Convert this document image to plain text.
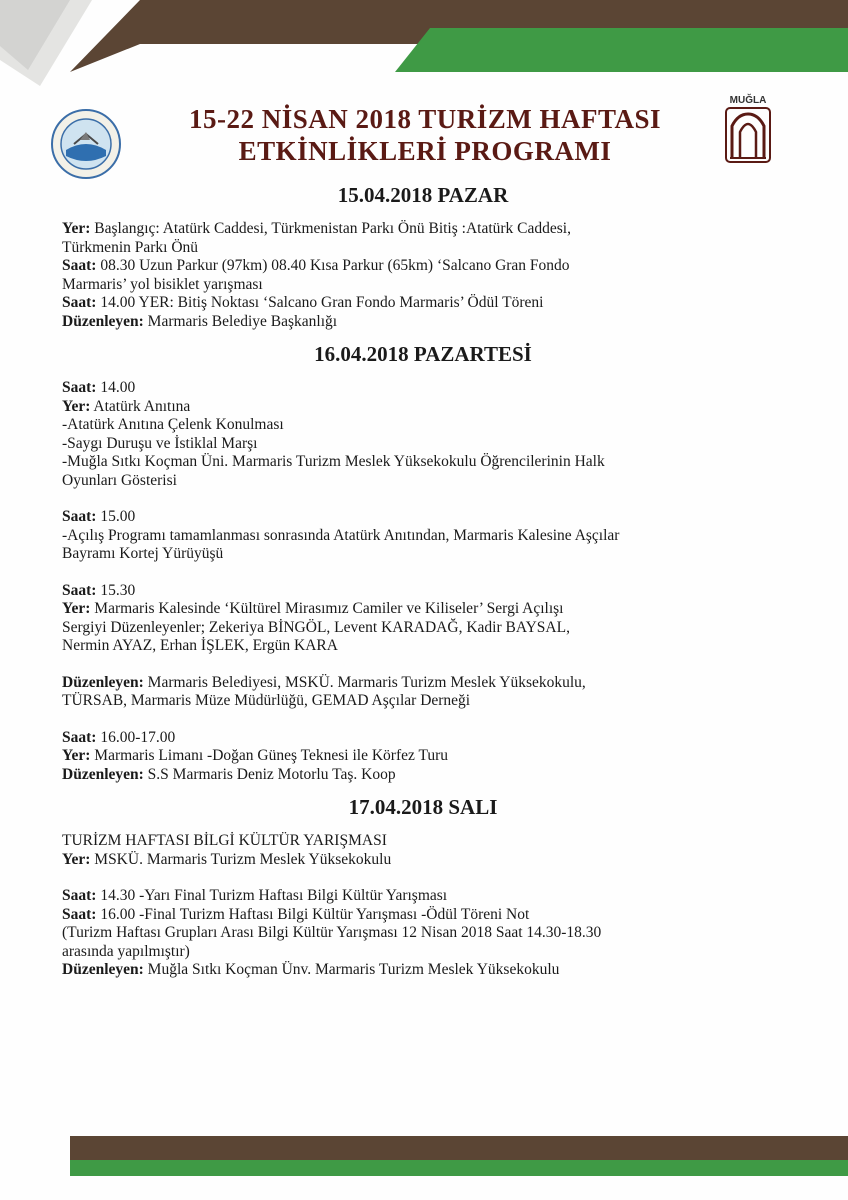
15-22 NİSAN 2018 TURİZM HAFTASI
ETKİNLİKLERİ PROGRAMI
MUĞLA
15.04.2018 PAZAR

Yer: Başlangıç: Atatürk Caddesi, Türkmenistan Parkı Önü Bitiş :Atatürk Caddesi,

Türkmenin Parkı Önü

Saat: 08.30 Uzun Parkur (97km) 08.40 Kısa Parkur (65km) ‘Salcano Gran Fondo

Marmaris’ yol bisiklet yarışması

Saat: 14.00 YER: Bitiş Noktası ‘Salcano Gran Fondo Marmaris’ Ödül Töreni

Düzenleyen: Marmaris Belediye Başkanlığı

16.04.2018 PAZARTESİ

Saat: 14.00

Yer: Atatürk Anıtına

-Atatürk Anıtına Çelenk Konulması

-Saygı Duruşu ve İstiklal Marşı

-Muğla Sıtkı Koçman Üni. Marmaris Turizm Meslek Yüksekokulu Öğrencilerinin Halk

Oyunları Gösterisi

Saat: 15.00

-Açılış Programı tamamlanması sonrasında Atatürk Anıtından, Marmaris Kalesine Aşçılar

Bayramı Kortej Yürüyüşü

Saat: 15.30

Yer: Marmaris Kalesinde ‘Kültürel Mirasımız Camiler ve Kiliseler’ Sergi Açılışı

Sergiyi Düzenleyenler; Zekeriya BİNGÖL, Levent KARADAĞ, Kadir BAYSAL,

Nermin AYAZ, Erhan İŞLEK, Ergün KARA

Düzenleyen: Marmaris Belediyesi, MSKÜ. Marmaris Turizm Meslek Yüksekokulu,

TÜRSAB, Marmaris Müze Müdürlüğü, GEMAD Aşçılar Derneği

Saat: 16.00-17.00

Yer: Marmaris Limanı -Doğan Güneş Teknesi ile Körfez Turu

Düzenleyen: S.S Marmaris Deniz Motorlu Taş. Koop

17.04.2018 SALI

TURİZM HAFTASI BİLGİ KÜLTÜR YARIŞMASI

Yer: MSKÜ. Marmaris Turizm Meslek Yüksekokulu

Saat: 14.30 -Yarı Final Turizm Haftası Bilgi Kültür Yarışması

Saat: 16.00 -Final Turizm Haftası Bilgi Kültür Yarışması -Ödül Töreni Not

(Turizm Haftası Grupları Arası Bilgi Kültür Yarışması 12 Nisan 2018 Saat 14.30-18.30

arasında yapılmıştır)

Düzenleyen: Muğla Sıtkı Koçman Ünv. Marmaris Turizm Meslek Yüksekokulu
